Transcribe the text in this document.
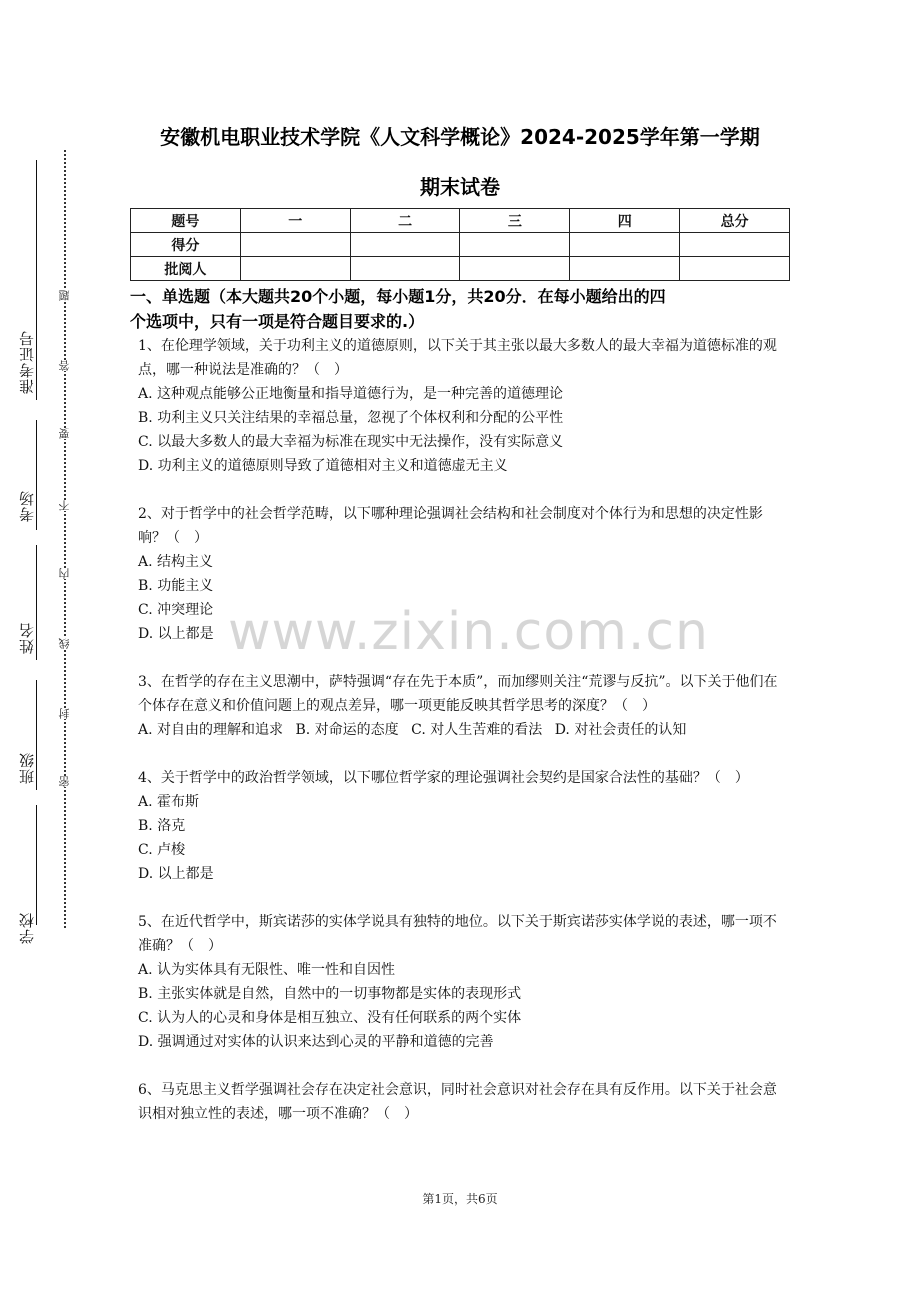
准考证号
考场
姓名
班级
学校
题
答
要
不
内
线
封
密
安徽机电职业技术学院《人文科学概论》2024-2025学年第一学期
期末试卷
题号	一	二	三	四	总分
得分					
批阅人					
一、单选题（本大题共20个小题，每小题1分，共20分．在每小题给出的四
个选项中，只有一项是符合题目要求的.）
1、在伦理学领域，关于功利主义的道德原则，以下关于其主张以最大多数人的最大幸福为道德标准的观点，哪一种说法是准确的？（　）
A. 这种观点能够公正地衡量和指导道德行为，是一种完善的道德理论
B. 功利主义只关注结果的幸福总量，忽视了个体权利和分配的公平性
C. 以最大多数人的最大幸福为标准在现实中无法操作，没有实际意义
D. 功利主义的道德原则导致了道德相对主义和道德虚无主义
2、对于哲学中的社会哲学范畴，以下哪种理论强调社会结构和社会制度对个体行为和思想的决定性影响？（　）
A. 结构主义
B. 功能主义
C. 冲突理论
D. 以上都是
3、在哲学的存在主义思潮中，萨特强调“存在先于本质”，而加缪则关注“荒谬与反抗”。以下关于他们在个体存在意义和价值问题上的观点差异，哪一项更能反映其哲学思考的深度？（　）
A. 对自由的理解和追求 B. 对命运的态度 C. 对人生苦难的看法 D. 对社会责任的认知
4、关于哲学中的政治哲学领域，以下哪位哲学家的理论强调社会契约是国家合法性的基础？（　）
A. 霍布斯
B. 洛克
C. 卢梭
D. 以上都是
5、在近代哲学中，斯宾诺莎的实体学说具有独特的地位。以下关于斯宾诺莎实体学说的表述，哪一项不准确？（　）
A. 认为实体具有无限性、唯一性和自因性
B. 主张实体就是自然，自然中的一切事物都是实体的表现形式
C. 认为人的心灵和身体是相互独立、没有任何联系的两个实体
D. 强调通过对实体的认识来达到心灵的平静和道德的完善
6、马克思主义哲学强调社会存在决定社会意识，同时社会意识对社会存在具有反作用。以下关于社会意识相对独立性的表述，哪一项不准确？（　）
www.zixin.com.cn
第1页，共6页
